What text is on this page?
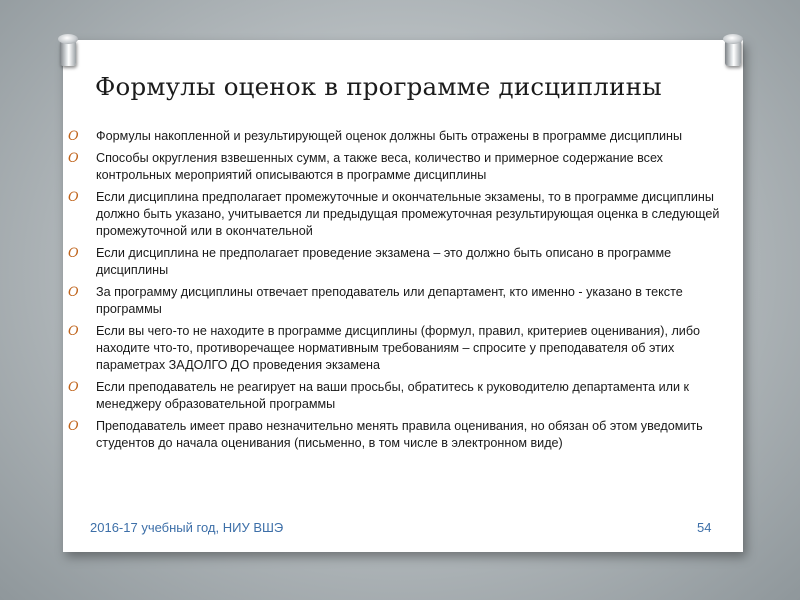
Формулы оценок в программе дисциплины
O Формулы накопленной и результирующей оценок должны быть отражены в программе дисциплины
O Способы округления взвешенных сумм, а также веса, количество и примерное содержание всех контрольных мероприятий описываются в программе дисциплины
O Если дисциплина предполагает промежуточные и окончательные экзамены, то в программе дисциплины должно быть указано, учитывается ли предыдущая промежуточная результирующая оценка в следующей промежуточной или в окончательной
O Если дисциплина не предполагает проведение экзамена – это должно быть описано в программе дисциплины
O За программу дисциплины отвечает преподаватель или департамент, кто именно - указано в тексте программы
O Если вы чего-то не находите в программе дисциплины (формул, правил, критериев оценивания), либо находите что-то, противоречащее нормативным требованиям – спросите у преподавателя об этих параметрах ЗАДОЛГО ДО проведения экзамена
O Если преподаватель не реагирует на ваши просьбы, обратитесь к руководителю департамента или к менеджеру образовательной программы
O Преподаватель имеет право незначительно менять правила оценивания, но обязан об этом уведомить студентов до начала оценивания (письменно, в том числе в электронном виде)
2016-17 учебный год, НИУ ВШЭ	54
